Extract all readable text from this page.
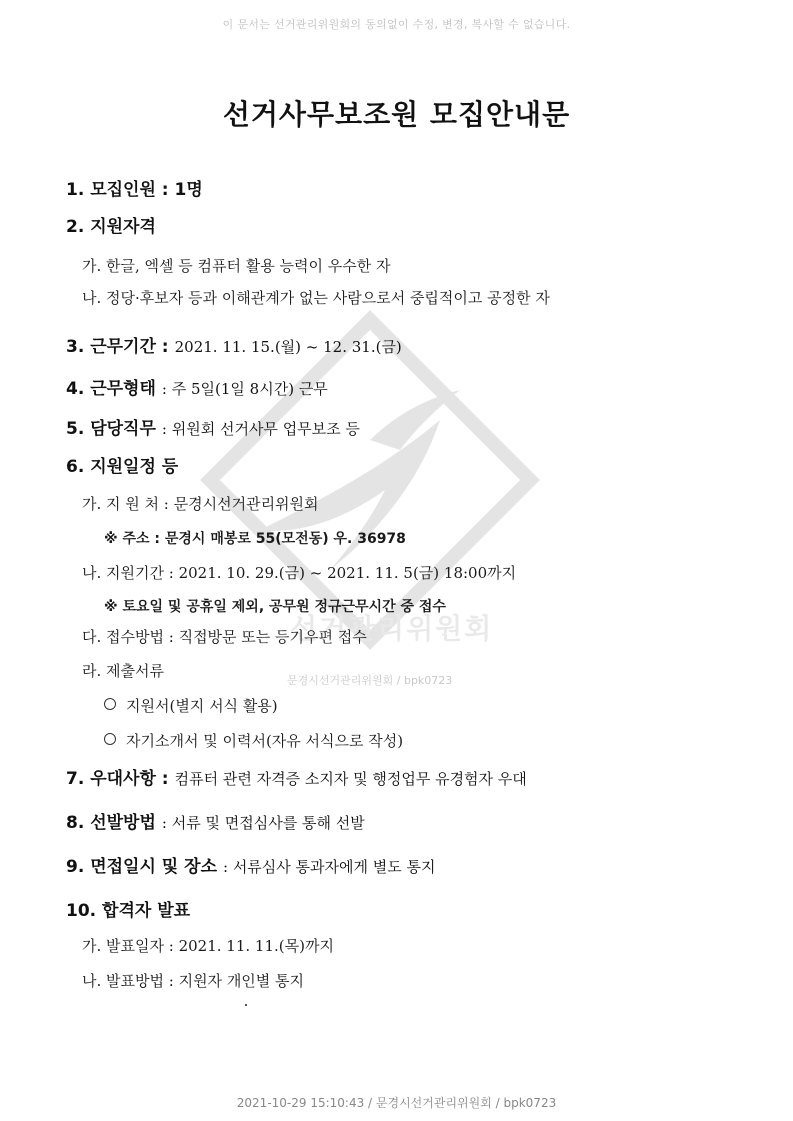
선거관리위원회
문경시선거관리위원회 / bpk0723
이 문서는 선거관리위원회의 동의없이 수정, 변경, 복사할 수 없습니다.
선거사무보조원 모집안내문
1. 모집인원 : 1명
2. 지원자격
가. 한글, 엑셀 등 컴퓨터 활용 능력이 우수한 자
나. 정당·후보자 등과 이해관계가 없는 사람으로서 중립적이고 공정한 자
3. 근무기간 : 2021. 11. 15.(월) ~ 12. 31.(금)
4. 근무형태 : 주 5일(1일 8시간) 근무
5. 담당직무 : 위원회 선거사무 업무보조 등
6. 지원일정 등
가. 지 원 처 : 문경시선거관리위원회
※ 주소 : 문경시 매봉로 55(모전동) 우. 36978
나. 지원기간 : 2021. 10. 29.(금) ~ 2021. 11. 5(금) 18:00까지
※ 토요일 및 공휴일 제외, 공무원 정규근무시간 중 접수
다. 접수방법 : 직접방문 또는 등기우편 접수
라. 제출서류
지원서(별지 서식 활용)
자기소개서 및 이력서(자유 서식으로 작성)
7. 우대사항 : 컴퓨터 관련 자격증 소지자 및 행정업무 유경험자 우대
8. 선발방법 : 서류 및 면접심사를 통해 선발
9. 면접일시 및 장소 : 서류심사 통과자에게 별도 통지
10. 합격자 발표
가. 발표일자 : 2021. 11. 11.(목)까지
나. 발표방법 : 지원자 개인별 통지
2021-10-29 15:10:43 / 문경시선거관리위원회 / bpk0723
